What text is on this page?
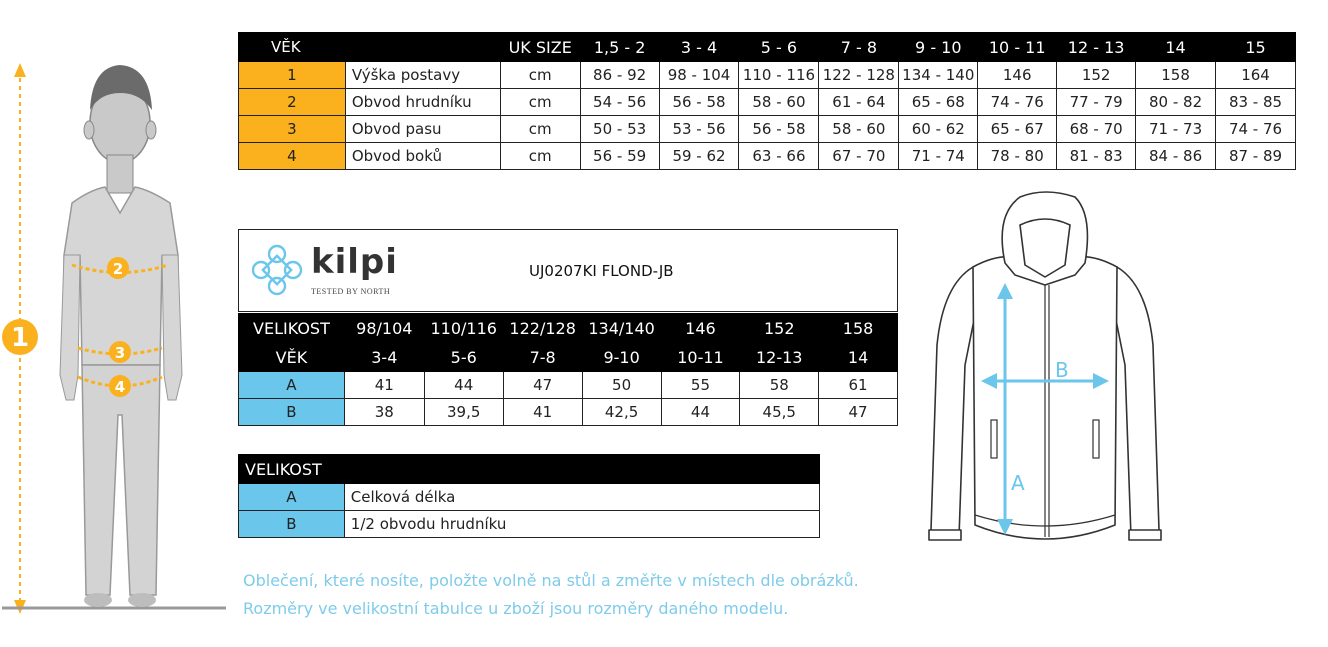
1
2
3
4
VĚK		UK SIZE	1,5 - 2	3 - 4	5 - 6	7 - 8	9 - 10	10 - 11	12 - 13	14	15
1	Výška postavy	cm	86 - 92	98 - 104	110 - 116	122 - 128	134 - 140	146	152	158	164
2	Obvod hrudníku	cm	54 - 56	56 - 58	58 - 60	61 - 64	65 - 68	74 - 76	77 - 79	80 - 82	83 - 85
3	Obvod pasu	cm	50 - 53	53 - 56	56 - 58	58 - 60	60 - 62	65 - 67	68 - 70	71 - 73	74 - 76
4	Obvod boků	cm	56 - 59	59 - 62	63 - 66	67 - 70	71 - 74	78 - 80	81 - 83	84 - 86	87 - 89
kilpi
TESTED BY NORTH
UJ0207KI FLOND-JB
VELIKOST	98/104	110/116	122/128	134/140	146	152	158
VĚK	3-4	5-6	7-8	9-10	10-11	12-13	14
A	41	44	47	50	55	58	61
B	38	39,5	41	42,5	44	45,5	47
VELIKOST	
A	Celková délka
B	1/2 obvodu hrudníku
Oblečení, které nosíte, položte volně na stůl a změřte v místech dle obrázků.
Rozměry ve velikostní tabulce u zboží jsou rozměry daného modelu.
A
B
